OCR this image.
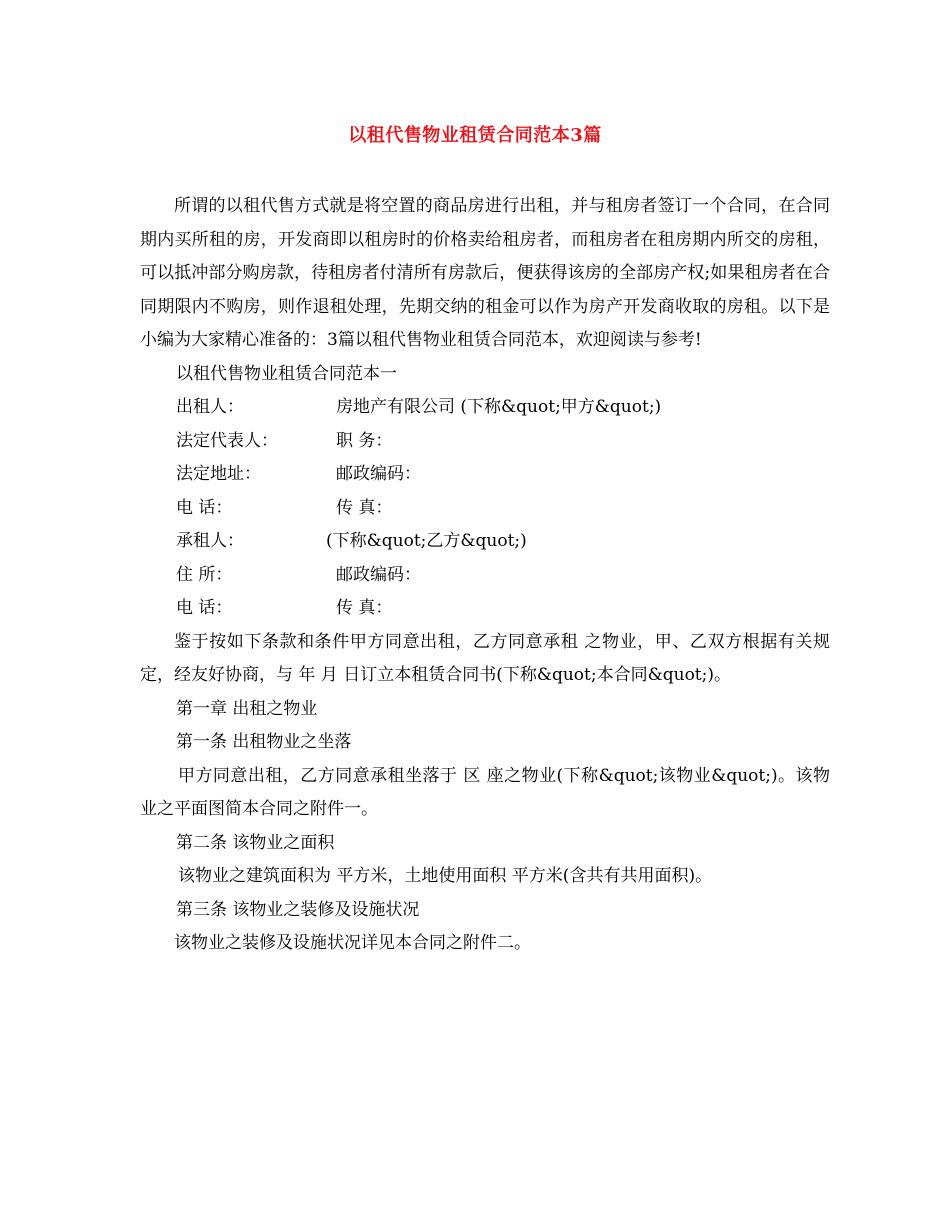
以租代售物业租赁合同范本3篇

所谓的以租代售方式就是将空置的商品房进行出租，并与租房者签订一个合同，在合同期内买所租的房，开发商即以租房时的价格卖给租房者，而租房者在租房期内所交的房租，可以抵冲部分购房款，待租房者付清所有房款后，便获得该房的全部房产权;如果租房者在合同期限内不购房，则作退租处理，先期交纳的租金可以作为房产开发商收取的房租。以下是小编为大家精心准备的：3篇以租代售物业租赁合同范本，欢迎阅读与参考!

以租代售物业租赁合同范本一

出租人：	房地产有限公司 (下称&quot;甲方&quot;)

法定代表人：	职 务：

法定地址：	邮政编码：

电 话：	传 真：

承租人：	(下称&quot;乙方&quot;)

住 所：	邮政编码：

电 话：	传 真：

鉴于按如下条款和条件甲方同意出租，乙方同意承租 之物业，甲、乙双方根据有关规定，经友好协商，与 年 月 日订立本租赁合同书(下称&quot;本合同&quot;)。

第一章 出租之物业

第一条 出租物业之坐落

甲方同意出租，乙方同意承租坐落于 区 座之物业(下称&quot;该物业&quot;)。该物业之平面图简本合同之附件一。

第二条 该物业之面积

该物业之建筑面积为 平方米，土地使用面积 平方米(含共有共用面积)。

第三条 该物业之装修及设施状况

该物业之装修及设施状况详见本合同之附件二。
